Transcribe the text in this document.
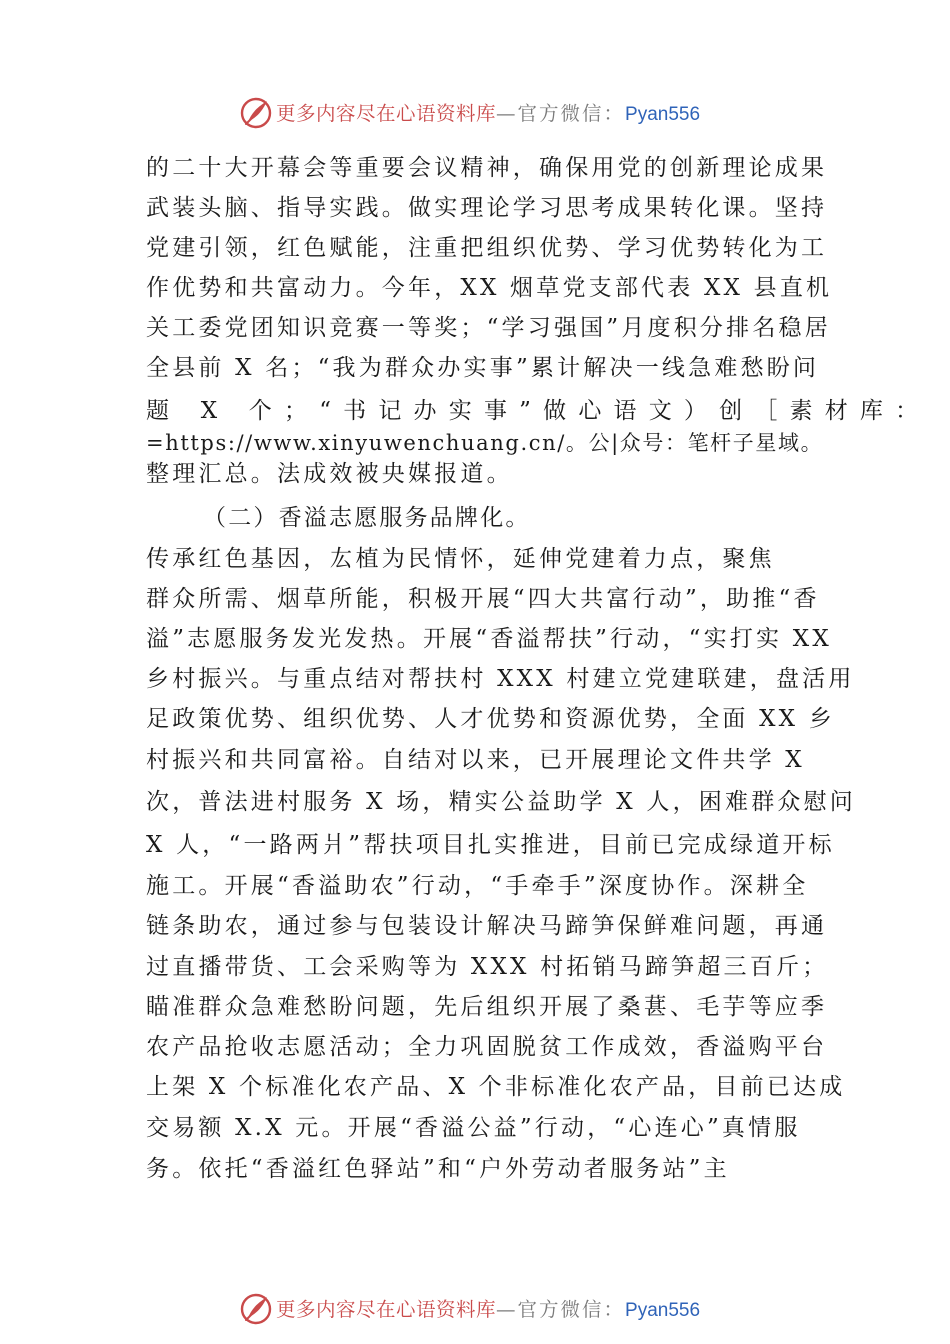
更多内容尽在心语资料库—官方微信：Pyan556
的二十大开幕会等重要会议精神，确保用党的创新理论成果
武装头脑、指导实践。做实理论学习思考成果转化课。坚持
党建引领，红色赋能，注重把组织优势、学习优势转化为工
作优势和共富动力。今年，XX 烟草党支部代表 XX 县直机
关工委党团知识竞赛一等奖；“学习强国”月度积分排名稳居
全县前 X 名；“我为群众办实事”累计解决一线急难愁盼问
题 X 个；“书记办实事”做心语文）创［素材库：
=https://www.xinyuwenchuang.cn/。公|众号：笔杆子星域。
整理汇总。法成效被央媒报道。
（二）香溢志愿服务品牌化。
传承红色基因，厷植为民情怀，延伸党建着力点，聚焦
群众所需、烟草所能，积极开展“四大共富行动”，助推“香
溢”志愿服务发光发热。开展“香溢帮扶”行动，“实打实 XX
乡村振兴。与重点结对帮扶村 XXX 村建立党建联建，盘活用
足政策优势、组织优势、人才优势和资源优势，全面 XX 乡
村振兴和共同富裕。自结对以来，已开展理论文件共学 X
次，普法进村服务 X 场，精实公益助学 X 人，困难群众慰问
X 人，“一路两爿”帮扶项目扎实推进，目前已完成绿道开标
施工。开展“香溢助农”行动，“手牵手”深度协作。深耕全
链条助农，通过参与包装设计解决马蹄笋保鲜难问题，再通
过直播带货、工会采购等为 XXX 村拓销马蹄笋超三百斤；
瞄准群众急难愁盼问题，先后组织开展了桑葚、毛芋等应季
农产品抢收志愿活动；全力巩固脱贫工作成效，香溢购平台
上架 X 个标准化农产品、X 个非标准化农产品，目前已达成
交易额 X.X 元。开展“香溢公益”行动，“心连心”真情服
务。依托“香溢红色驿站”和“户外劳动者服务站”主
更多内容尽在心语资料库—官方微信：Pyan556
